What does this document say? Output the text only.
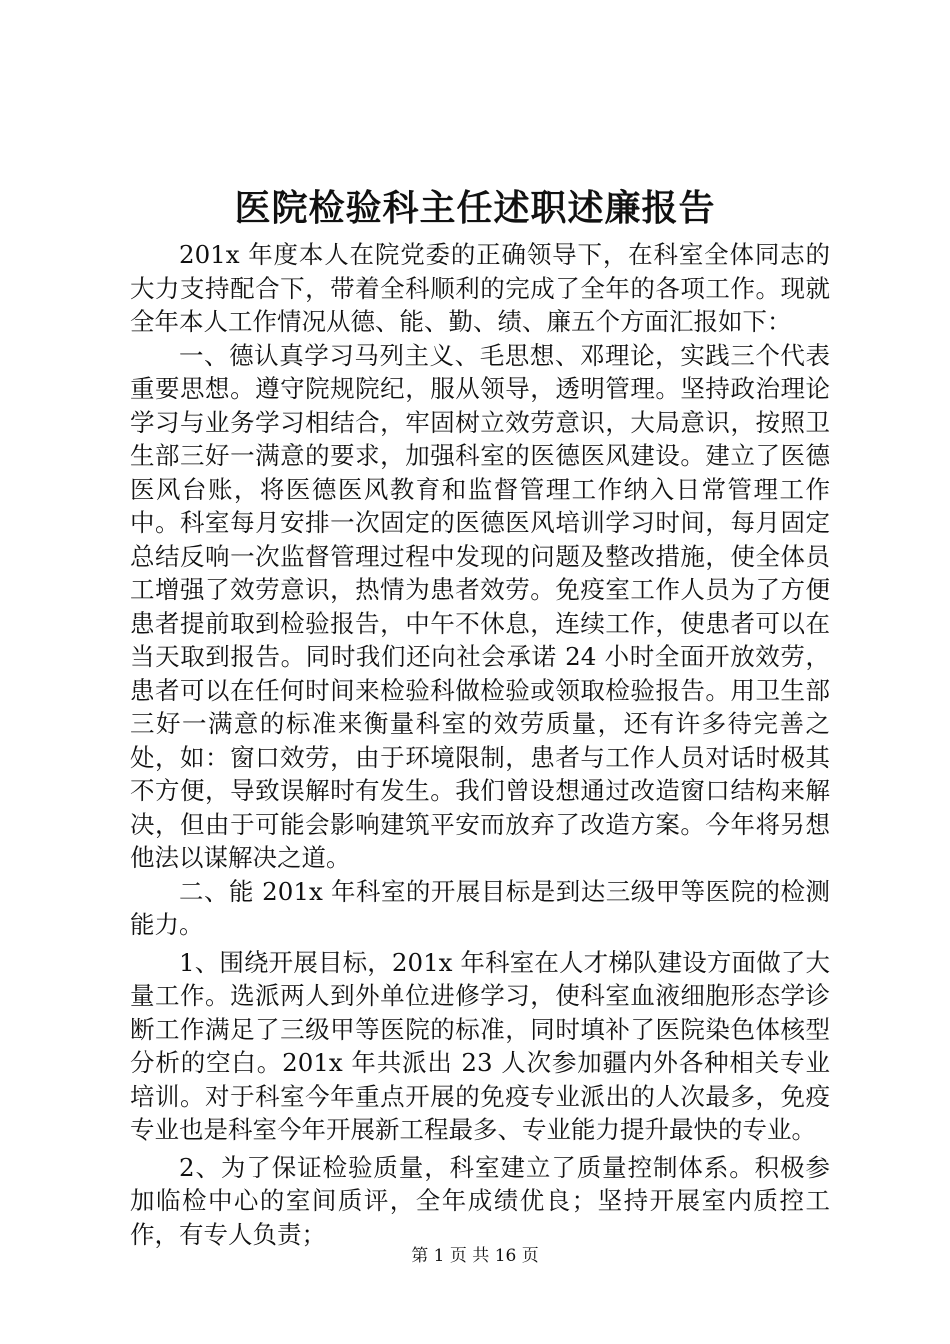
医院检验科主任述职述廉报告

201x 年度本人在院党委的正确领导下，在科室全体同志的大力支持配合下，带着全科顺利的完成了全年的各项工作。现就全年本人工作情况从德、能、勤、绩、廉五个方面汇报如下：

一、德认真学习马列主义、毛思想、邓理论，实践三个代表重要思想。遵守院规院纪，服从领导，透明管理。坚持政治理论学习与业务学习相结合，牢固树立效劳意识，大局意识，按照卫生部三好一满意的要求，加强科室的医德医风建设。建立了医德医风台账，将医德医风教育和监督管理工作纳入日常管理工作中。科室每月安排一次固定的医德医风培训学习时间，每月固定总结反响一次监督管理过程中发现的问题及整改措施，使全体员工增强了效劳意识，热情为患者效劳。免疫室工作人员为了方便患者提前取到检验报告，中午不休息，连续工作，使患者可以在当天取到报告。同时我们还向社会承诺 24 小时全面开放效劳，患者可以在任何时间来检验科做检验或领取检验报告。用卫生部三好一满意的标准来衡量科室的效劳质量，还有许多待完善之处，如：窗口效劳，由于环境限制，患者与工作人员对话时极其不方便，导致误解时有发生。我们曾设想通过改造窗口结构来解决，但由于可能会影响建筑平安而放弃了改造方案。今年将另想他法以谋解决之道。

二、能 201x 年科室的开展目标是到达三级甲等医院的检测能力。

1、围绕开展目标，201x 年科室在人才梯队建设方面做了大量工作。选派两人到外单位进修学习，使科室血液细胞形态学诊断工作满足了三级甲等医院的标准，同时填补了医院染色体核型分析的空白。201x 年共派出 23 人次参加疆内外各种相关专业培训。对于科室今年重点开展的免疫专业派出的人次最多，免疫专业也是科室今年开展新工程最多、专业能力提升最快的专业。

2、为了保证检验质量，科室建立了质量控制体系。积极参加临检中心的室间质评，全年成绩优良；坚持开展室内质控工作，有专人负责；

第 1 页 共 16 页
